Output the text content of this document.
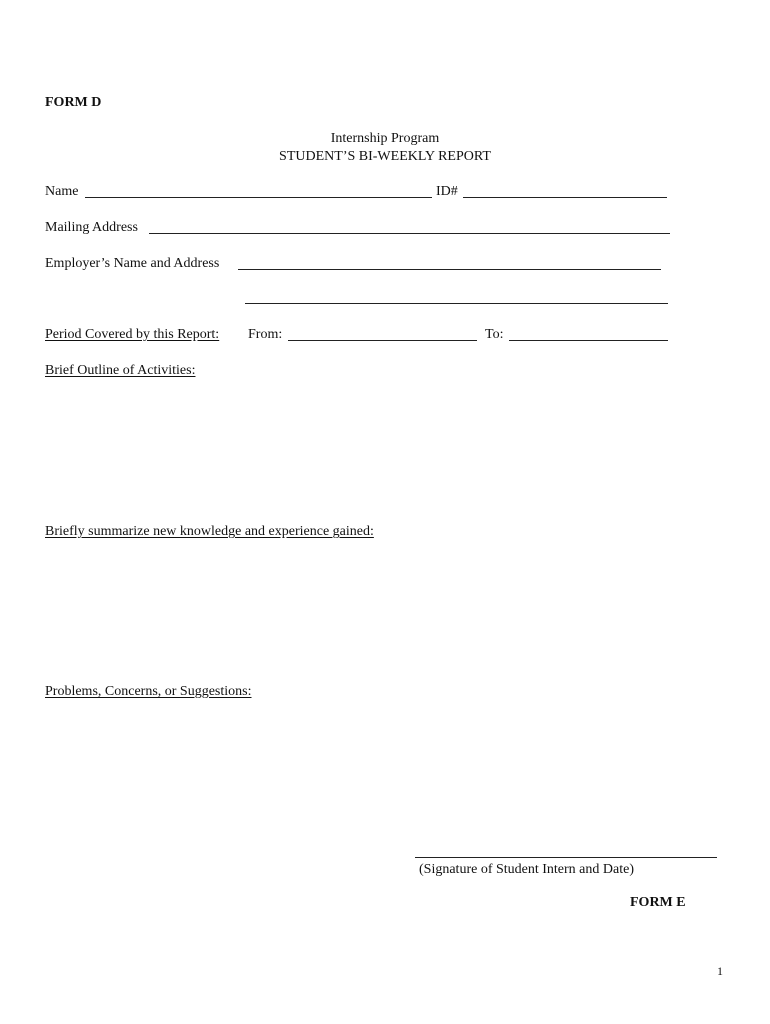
FORM D
Internship Program
STUDENT’S BI-WEEKLY REPORT
Name	ID#
Mailing Address
Employer’s Name and Address
Period Covered by this Report: From:	To:
Brief Outline of Activities:
Briefly summarize new knowledge and experience gained:
Problems, Concerns, or Suggestions:
(Signature of Student Intern and Date)
FORM E
1
